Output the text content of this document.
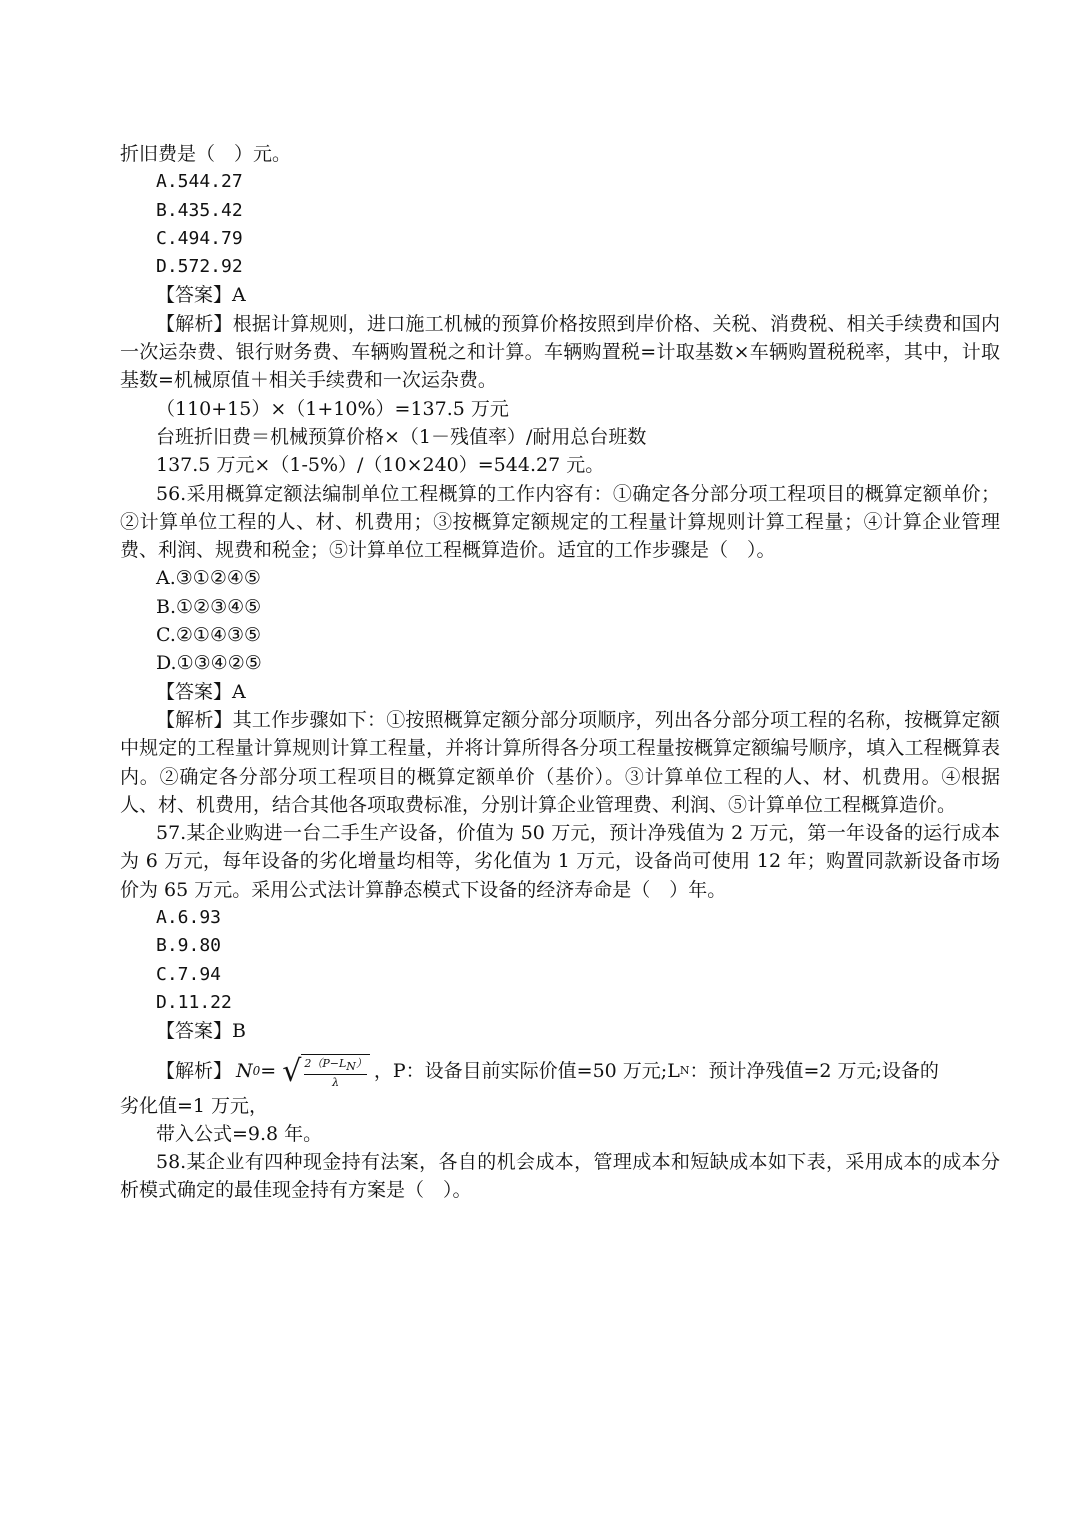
折旧费是（　）元。
A.544.27
B.435.42
C.494.79
D.572.92
【答案】A
【解析】根据计算规则，进口施工机械的预算价格按照到岸价格、关税、消费税、相关手续费和国内一次运杂费、银行财务费、车辆购置税之和计算。车辆购置税=计取基数×车辆购置税税率，其中，计取基数=机械原值＋相关手续费和一次运杂费。
（110+15）×（1+10%）=137.5 万元
台班折旧费＝机械预算价格×（1－残值率）/耐用总台班数
137.5 万元×（1-5%）/（10×240）=544.27 元。
56.采用概算定额法编制单位工程概算的工作内容有：①确定各分部分项工程项目的概算定额单价；②计算单位工程的人、材、机费用；③按概算定额规定的工程量计算规则计算工程量；④计算企业管理费、利润、规费和税金；⑤计算单位工程概算造价。适宜的工作步骤是（　）。
A.③①②④⑤
B.①②③④⑤
C.②①④③⑤
D.①③④②⑤
【答案】A
【解析】其工作步骤如下：①按照概算定额分部分项顺序，列出各分部分项工程的名称，按概算定额中规定的工程量计算规则计算工程量，并将计算所得各分项工程量按概算定额编号顺序，填入工程概算表内。②确定各分部分项工程项目的概算定额单价（基价）。③计算单位工程的人、材、机费用。④根据人、材、机费用，结合其他各项取费标准，分别计算企业管理费、利润、⑤计算单位工程概算造价。
57.某企业购进一台二手生产设备，价值为 50 万元，预计净残值为 2 万元，第一年设备的运行成本为 6 万元，每年设备的劣化增量均相等，劣化值为 1 万元，设备尚可使用 12 年；购置同款新设备市场价为 65 万元。采用公式法计算静态模式下设备的经济寿命是（　）年。
A.6.93
B.9.80
C.7.94
D.11.22
【答案】B
【解析】 N 0 = √ $\frac{2(P-LN)}{\lambda}$ ，P：设备目前实际价值=50 万元;L N ：预计净残值=2 万元;设备的
劣化值=1 万元，
带入公式=9.8 年。
58.某企业有四种现金持有法案，各自的机会成本，管理成本和短缺成本如下表，采用成本的成本分析模式确定的最佳现金持有方案是（　）。
